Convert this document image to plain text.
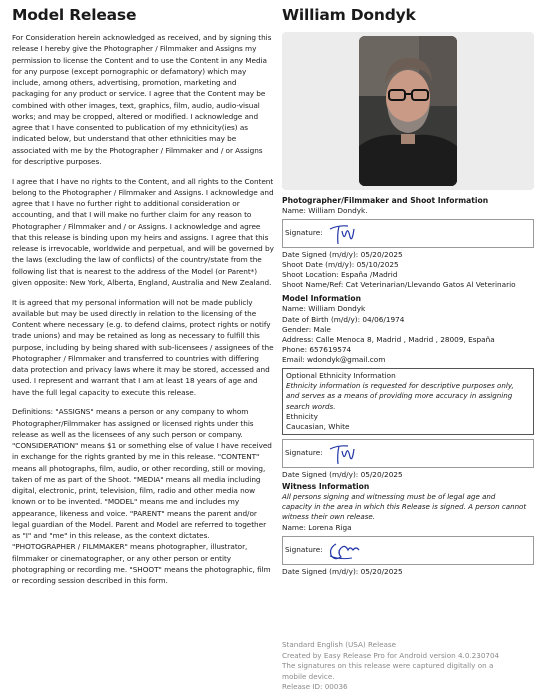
Model Release

For Consideration herein acknowledged as received, and by signing this release I hereby give the Photographer / Filmmaker and Assigns my permission to license the Content and to use the Content in any Media for any purpose (except pornographic or defamatory) which may include, among others, advertising, promotion, marketing and packaging for any product or service. I agree that the Content may be combined with other images, text, graphics, film, audio, audio-visual works; and may be cropped, altered or modified. I acknowledge and agree that I have consented to publication of my ethnicity(ies) as indicated below, but understand that other ethnicities may be associated with me by the Photographer / Filmmaker and / or Assigns for descriptive purposes.

I agree that I have no rights to the Content, and all rights to the Content belong to the Photographer / Filmmaker and Assigns. I acknowledge and agree that I have no further right to additional consideration or accounting, and that I will make no further claim for any reason to Photographer / Filmmaker and / or Assigns. I acknowledge and agree that this release is binding upon my heirs and assigns. I agree that this release is irrevocable, worldwide and perpetual, and will be governed by the laws (excluding the law of conflicts) of the country/state from the following list that is nearest to the address of the Model (or Parent*) given opposite: New York, Alberta, England, Australia and New Zealand.

It is agreed that my personal information will not be made publicly available but may be used directly in relation to the licensing of the Content where necessary (e.g. to defend claims, protect rights or notify trade unions) and may be retained as long as necessary to fulfill this purpose, including by being shared with sub-licensees / assignees of the Photographer / Filmmaker and transferred to countries with differing data protection and privacy laws where it may be stored, accessed and used. I represent and warrant that I am at least 18 years of age and have the full legal capacity to execute this release.

Definitions: "ASSIGNS" means a person or any company to whom Photographer/Filmmaker has assigned or licensed rights under this release as well as the licensees of any such person or company. "CONSIDERATION" means $1 or something else of value I have received in exchange for the rights granted by me in this release. "CONTENT" means all photographs, film, audio, or other recording, still or moving, taken of me as part of the Shoot. "MEDIA" means all media including digital, electronic, print, television, film, radio and other media now known or to be invented. "MODEL" means me and includes my appearance, likeness and voice. "PARENT" means the parent and/or legal guardian of the Model. Parent and Model are referred to together as "I" and "me" in this release, as the context dictates. "PHOTOGRAPHER / FILMMAKER" means photographer, illustrator, filmmaker or cinematographer, or any other person or entity photographing or recording me. "SHOOT" means the photographic, film or recording session described in this form.

William Dondyk

Photographer/Filmmaker and Shoot Information

Name: William Dondyk.

Signature:

Date Signed (m/d/y): 05/20/2025

Shoot Date (m/d/y): 05/10/2025

Shoot Location: España /Madrid

Shoot Name/Ref: Cat Veterinarian/Llevando Gatos Al Veterinario

Model Information

Name: William Dondyk

Date of Birth (m/d/y): 04/06/1974

Gender: Male

Address: Calle Menoca 8, Madrid , Madrid , 28009, España

Phone: 657619574

Email: wdondyk@gmail.com

Optional Ethnicity Information

Ethnicity information is requested for descriptive purposes only,

and serves as a means of providing more accuracy in assigning

search words.

Ethnicity

Caucasian, White

Signature:

Date Signed (m/d/y): 05/20/2025

Witness Information

All persons signing and witnessing must be of legal age and

capacity in the area in which this Release is signed. A person cannot

witness their own release.

Name: Lorena Riga

Signature:

Date Signed (m/d/y): 05/20/2025

Standard English (USA) Release

Created by Easy Release Pro for Android version 4.0.230704

The signatures on this release were captured digitally on a

mobile device.

Release ID: 00036
